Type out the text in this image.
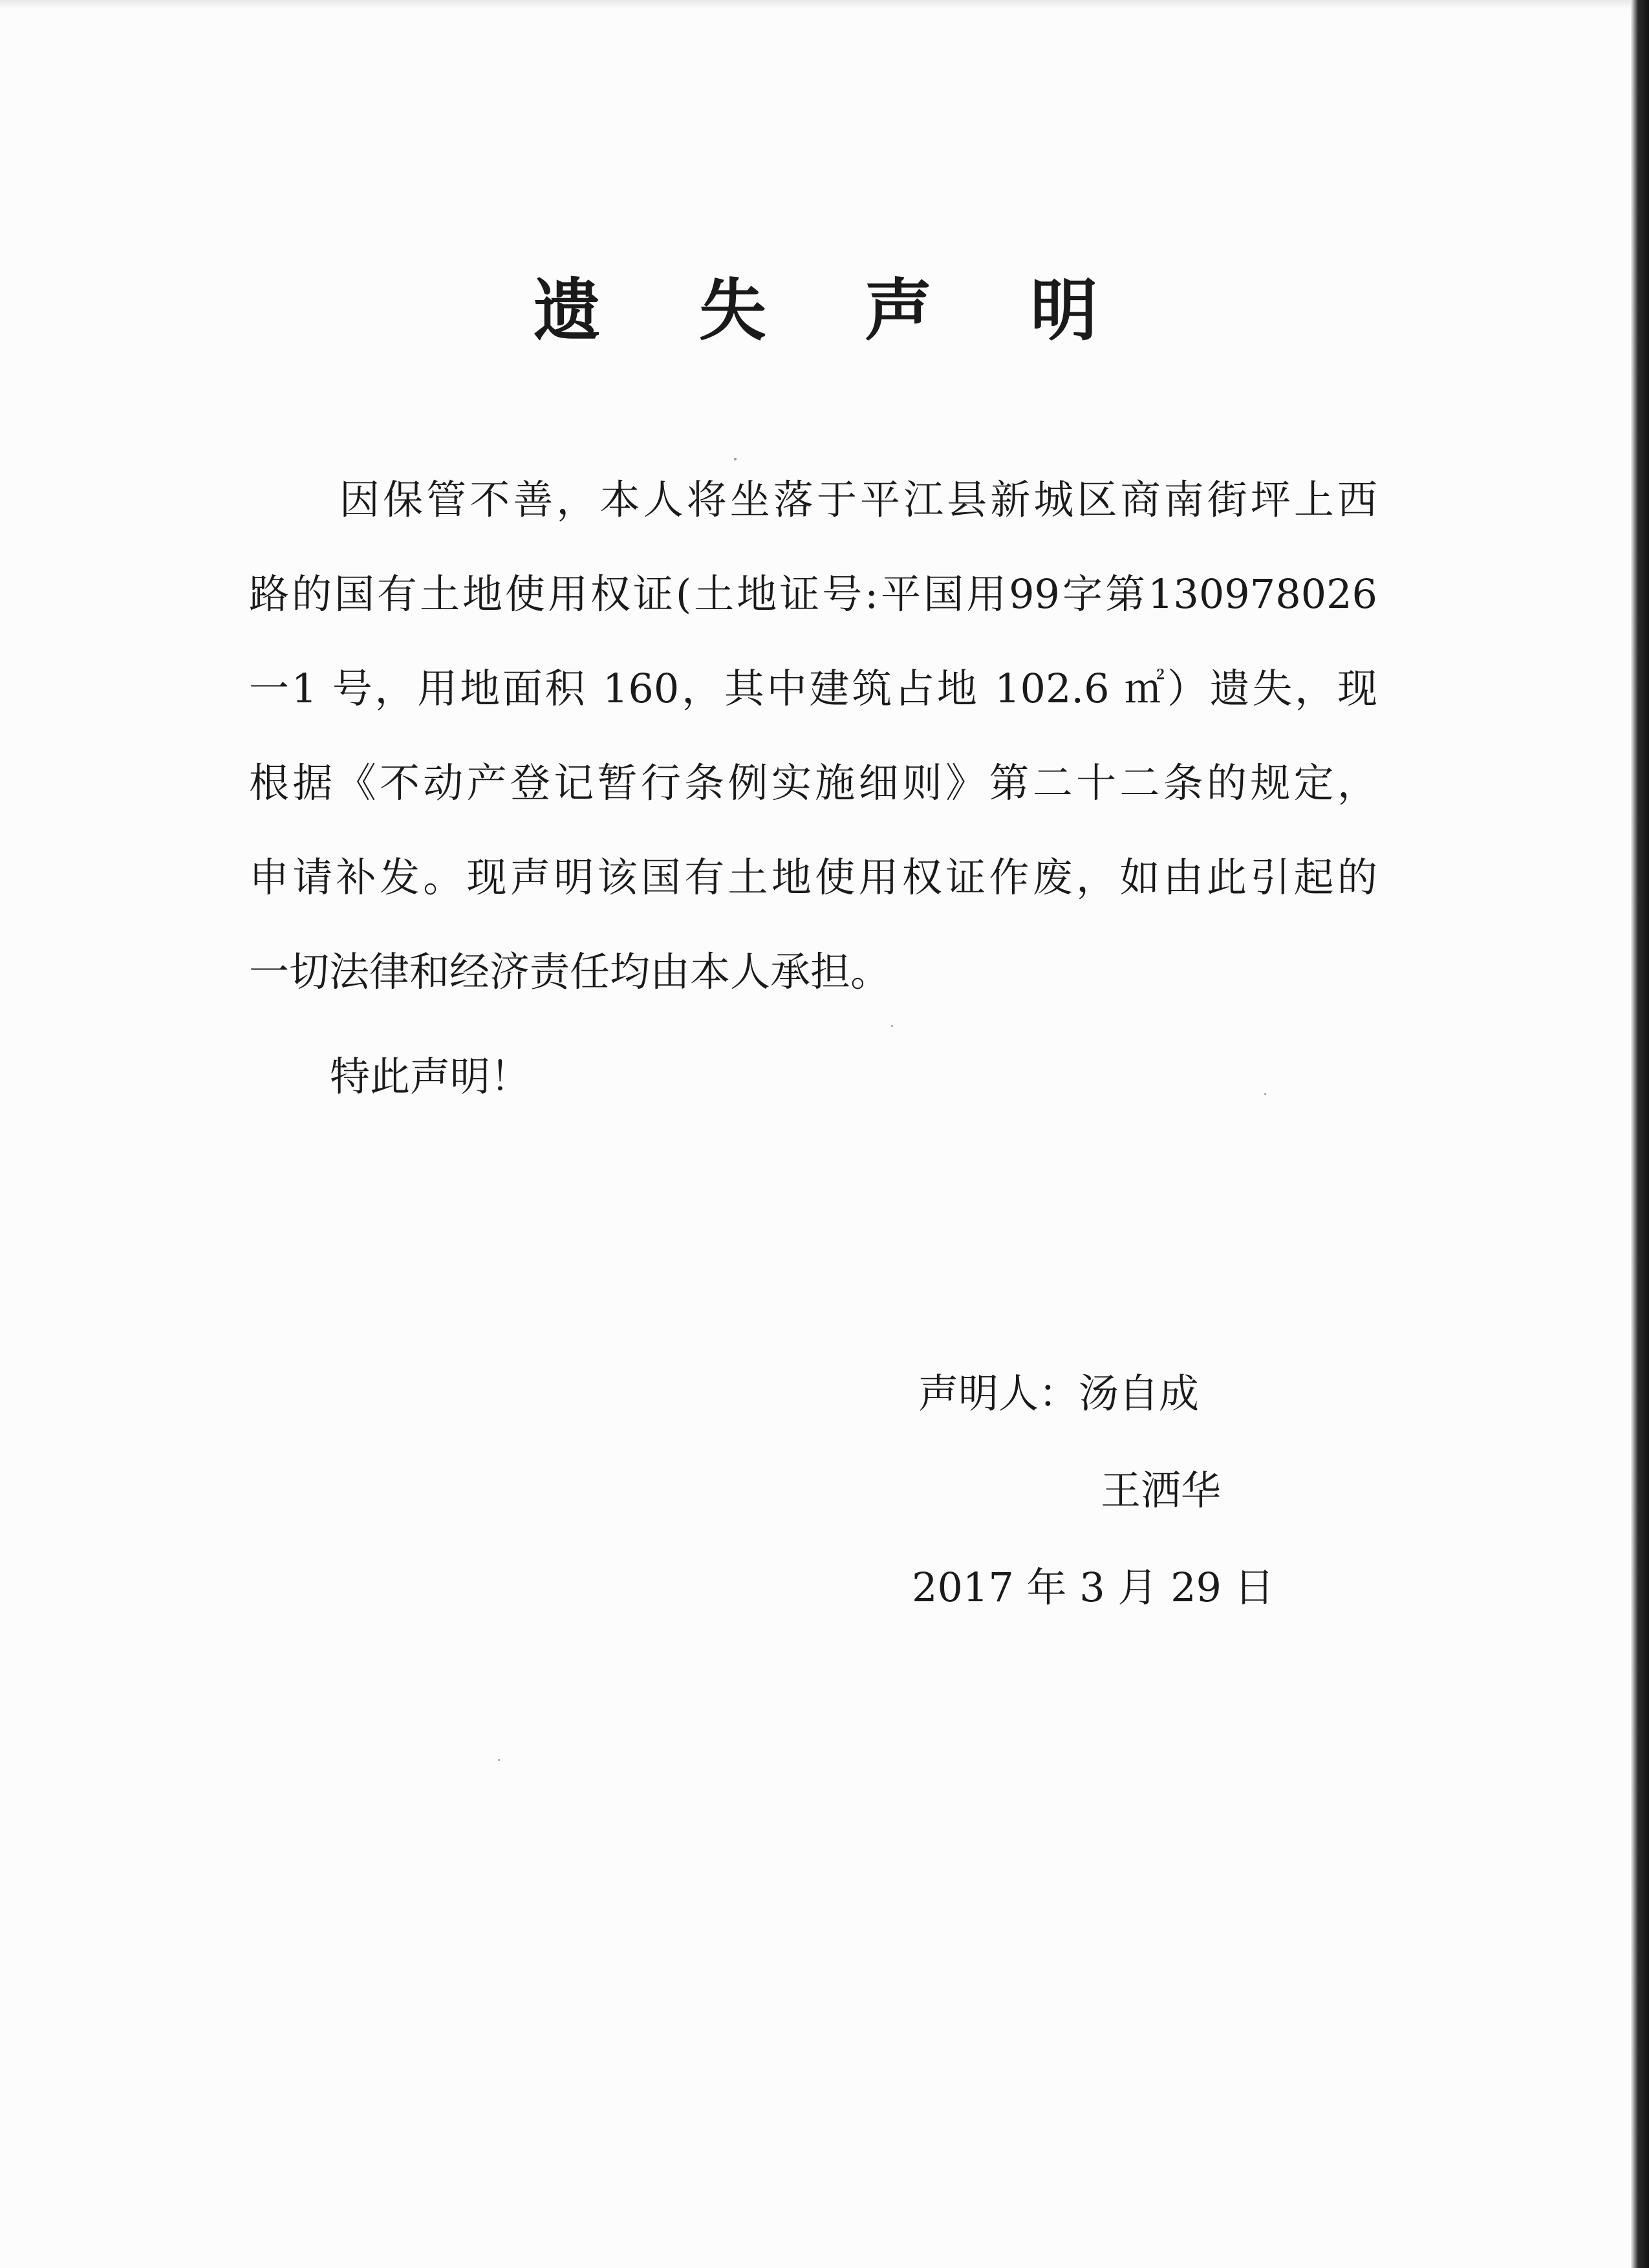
遗 失 声 明
因保管不善，本人将坐落于平江县新城区商南街坪上西
路的国有土地使用权证(土地证号:平国用99字第130978026
一1 号，用地面积 160，其中建筑占地 102.6 ㎡）遗失，现
根据《不动产登记暂行条例实施细则》第二十二条的规定，
申请补发。现声明该国有土地使用权证作废，如由此引起的
一切法律和经济责任均由本人承担。
特此声明！
声明人：汤自成
王洒华
2017 年 3 月 29 日
